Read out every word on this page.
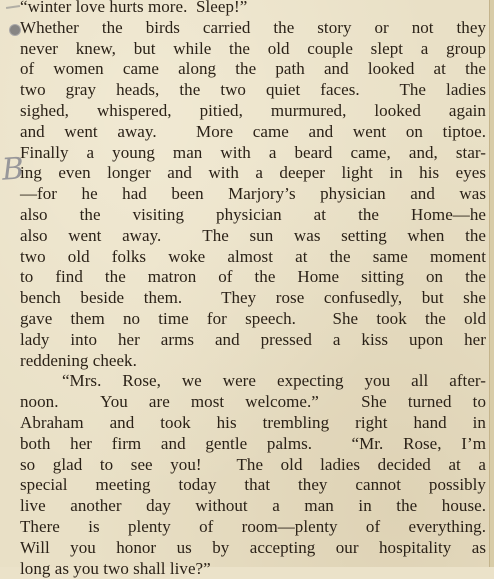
B
“winter love hurts more.  Sleep!”
Whether the birds carried the story or not they
never knew, but while the old couple slept a group
of women came along the path and looked at the
two gray heads, the two quiet faces.  The ladies
sighed, whispered, pitied, murmured, looked again
and went away.  More came and went on tiptoe.
Finally a young man with a beard came, and, star-
ing even longer and with a deeper light in his eyes
—for he had been Marjory’s physician and was
also the visiting physician at the Home—he
also went away.  The sun was setting when the
two old folks woke almost at the same moment
to find the matron of the Home sitting on the
bench beside them.  They rose confusedly, but she
gave them no time for speech.  She took the old
lady into her arms and pressed a kiss upon her
reddening cheek.
“Mrs. Rose, we were expecting you all after-
noon.  You are most welcome.”  She turned to
Abraham and took his trembling right hand in
both her firm and gentle palms.  “Mr. Rose, I’m
so glad to see you!  The old ladies decided at a
special meeting today that they cannot possibly
live another day without a man in the house.
There is plenty of room—plenty of everything.
Will you honor us by accepting our hospitality as
long as you two shall live?”
